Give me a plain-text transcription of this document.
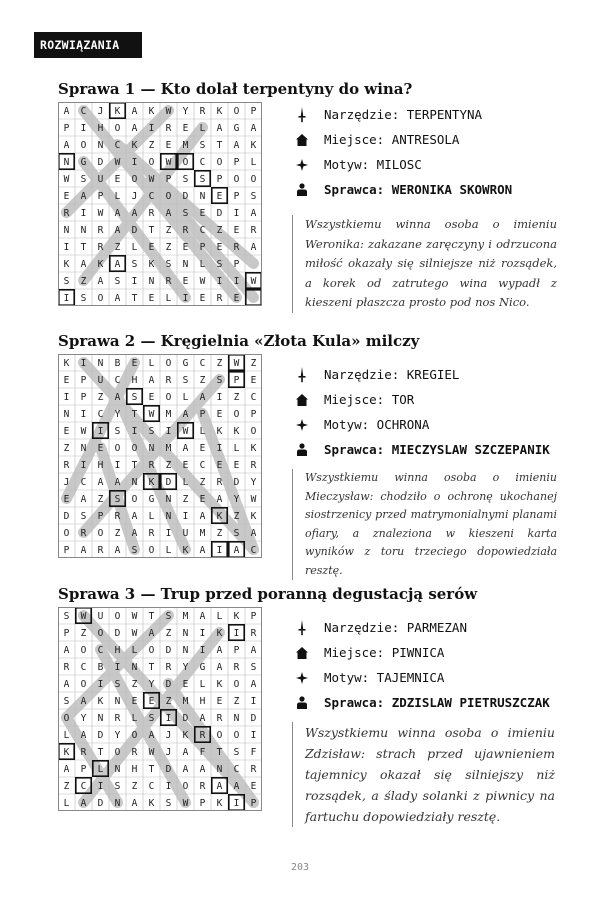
ROZWIĄZANIA
Sprawa 1 — Kto dolał terpentyny do wina?
A C J K A K W Y R K O P
P I H O A I R E L A G A
A O N C K Z E M S T A K
N G D W I O W O C O P L
W S U E O W P S S P O O
E A P L J C O D N E P S
R I W A A R A S E D I A
N N R A D T Z R C Z E R
I T R Z L E Z E P E R A
K A K A S K S N L S P
S Z A S I N R E W I I W
I S O A T E L I E R E
Narzędzie: TERPENTYNA
Miejsce: ANTRESOLA
Motyw: MILOSC
Sprawca: WERONIKA SKOWRON
Wszystkiemu winna osoba o imieniu Weronika: zakazane zaręczyny i odrzucona miłość okazały się silniejsze niż rozsądek, a korek od zatrutego wina wypadł z kieszeni płaszcza prosto pod nos Nico.
Sprawa 2 — Kręgielnia «Złota Kula» milczy
K I N B E L O G C Z W Z
E P U C H A R S Z S P E
I P Z A S E O L A I Z C
N I C Y T W M A P E O P
E W I S I S I W L K K O
Z N E O O N M A E I L K
R I H I T R Z E C E E R
J C A A N K D L Z R D Y
E A Z S O G N Z E A Y W
D S P R A L N I A K Z K
O R O Z A R I U M Z S A
P A R A S O L K A I A C
Narzędzie: KREGIEL
Miejsce: TOR
Motyw: OCHRONA
Sprawca: MIECZYSLAW SZCZEPANIK
Wszystkiemu winna osoba o imieniu Mieczysław: chodziło o ochronę ukochanej siostrzenicy przed matrymonialnymi planami ofiary, a znaleziona w kieszeni karta wyników z toru trzeciego dopowiedziała resztę.
Sprawa 3 — Trup przed poranną degustacją serów
S W U O W T S M A L K P
P Z O D W A Z N I K I R
A O C H L O D N I A P A
R C B I N T R Y G A R S
A O I S Z Y D E L K O A
S A K N E E Z M H E Z I
O Y N R L S I D A R N D
L A D Y O A J K R O O I
K R T O R W J A F T S F
A P L N H T D A A N C R
Z C I S Z C I O R A A E
L A D N A K S W P K I P
Narzędzie: PARMEZAN
Miejsce: PIWNICA
Motyw: TAJEMNICA
Sprawca: ZDZISLAW PIETRUSZCZAK
Wszystkiemu winna osoba o imieniu Zdzisław: strach przed ujawnieniem tajemnicy okazał się silniejszy niż rozsądek, a ślady solanki z piwnicy na fartuchu dopowiedziały resztę.
203
